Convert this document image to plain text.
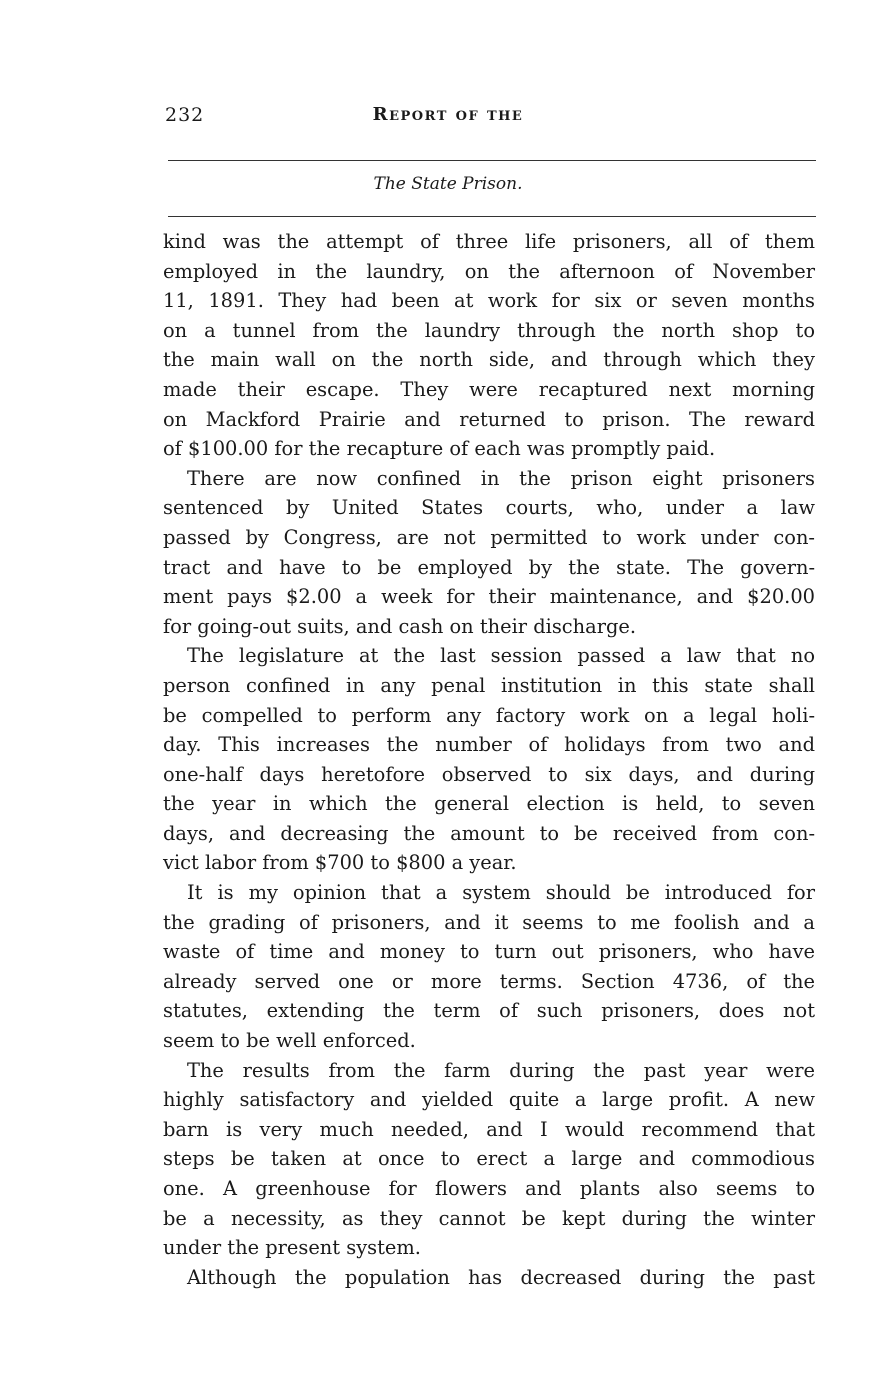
232	Report of the
The State Prison.
kind was the attempt of three life prisoners, all of them
employed in the laundry, on the afternoon of November
11, 1891. They had been at work for six or seven months
on a tunnel from the laundry through the north shop to
the main wall on the north side, and through which they
made their escape. They were recaptured next morning
on Mackford Prairie and returned to prison. The reward
of $100.00 for the recapture of each was promptly paid.
There are now confined in the prison eight prisoners
sentenced by United States courts, who, under a law
passed by Congress, are not permitted to work under con-
tract and have to be employed by the state. The govern-
ment pays $2.00 a week for their maintenance, and $20.00
for going-out suits, and cash on their discharge.
The legislature at the last session passed a law that no
person confined in any penal institution in this state shall
be compelled to perform any factory work on a legal holi-
day. This increases the number of holidays from two and
one-half days heretofore observed to six days, and during
the year in which the general election is held, to seven
days, and decreasing the amount to be received from con-
vict labor from $700 to $800 a year.
It is my opinion that a system should be introduced for
the grading of prisoners, and it seems to me foolish and a
waste of time and money to turn out prisoners, who have
already served one or more terms. Section 4736, of the
statutes, extending the term of such prisoners, does not
seem to be well enforced.
The results from the farm during the past year were
highly satisfactory and yielded quite a large profit. A new
barn is very much needed, and I would recommend that
steps be taken at once to erect a large and commodious
one. A greenhouse for flowers and plants also seems to
be a necessity, as they cannot be kept during the winter
under the present system.
Although the population has decreased during the past
